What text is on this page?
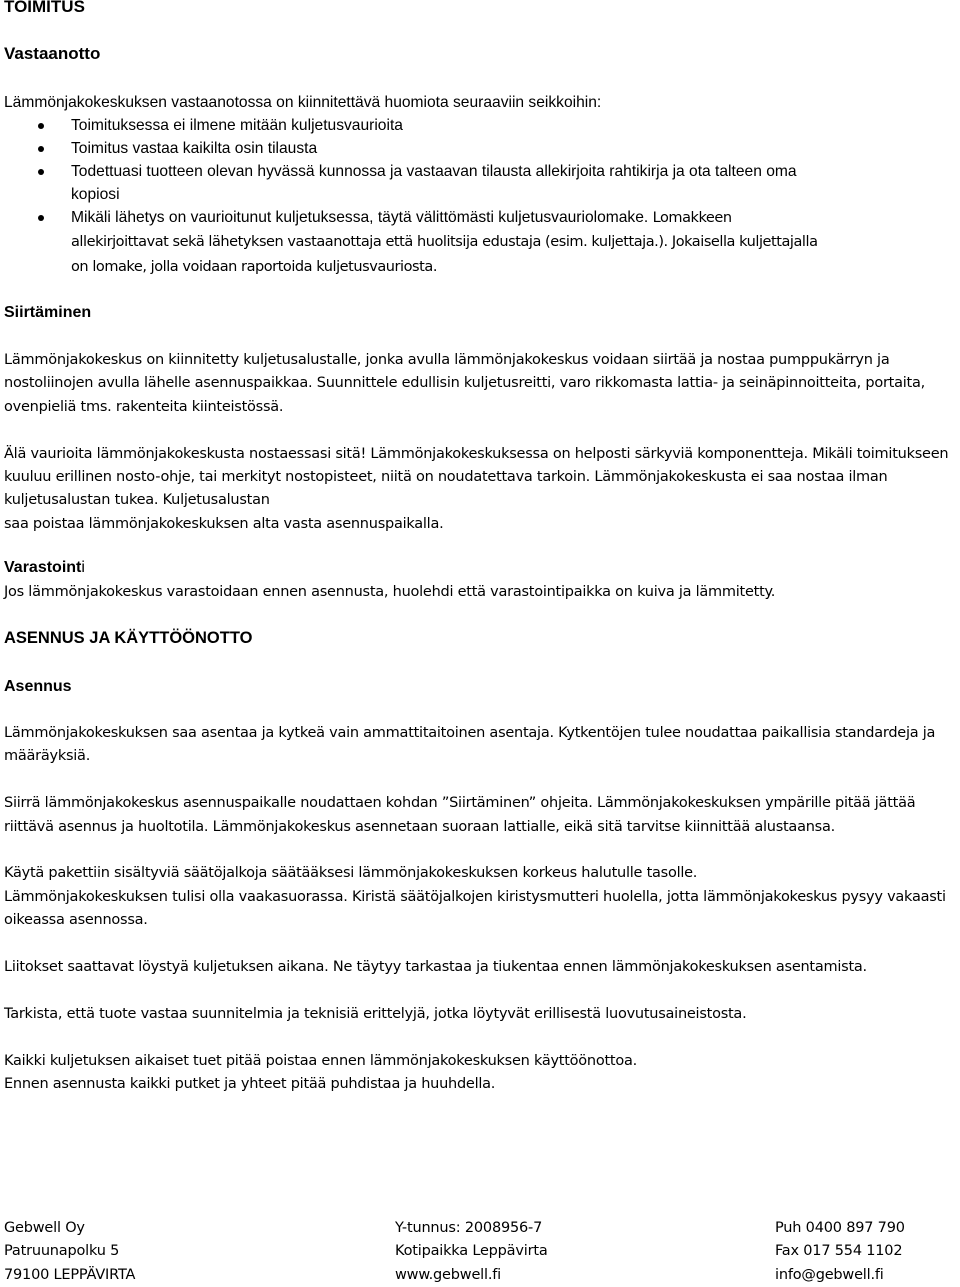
TOIMITUS
Vastaanotto

Lämmönjakokeskuksen vastaanotossa on kiinnitettävä huomiota seuraaviin seikkoihin:

Toimituksessa ei ilmene mitään kuljetusvaurioita
Toimitus vastaa kaikilta osin tilausta
Todettuasi tuotteen olevan hyvässä kunnossa ja vastaavan tilausta allekirjoita rahtikirja ja ota talteen oma kopiosi
Mikäli lähetys on vaurioitunut kuljetuksessa, täytä välittömästi kuljetusvauriolomake. Lomakkeen allekirjoittavat sekä lähetyksen vastaanottaja että huolitsija edustaja (esim. kuljettaja.). Jokaisella kuljettajalla on lomake, jolla voidaan raportoida kuljetusvauriosta.
Siirtäminen

Lämmönjakokeskus on kiinnitetty kuljetusalustalle, jonka avulla lämmönjakokeskus voidaan siirtää ja nostaa pumppukärryn ja nostoliinojen avulla lähelle asennuspaikkaa. Suunnittele edullisin kuljetusreitti, varo rikkomasta lattia- ja seinäpinnoitteita, portaita, ovenpieliä tms. rakenteita kiinteistössä.

Älä vaurioita lämmönjakokeskusta nostaessasi sitä! Lämmönjakokeskuksessa on helposti särkyviä komponentteja. Mikäli toimitukseen kuuluu erillinen nosto-ohje, tai merkityt nostopisteet, niitä on noudatettava tarkoin. Lämmönjakokeskusta ei saa nostaa ilman kuljetusalustan tukea. Kuljetusalustan

saa poistaa lämmönjakokeskuksen alta vasta asennuspaikalla.

Varastointi

Jos lämmönjakokeskus varastoidaan ennen asennusta, huolehdi että varastointipaikka on kuiva ja lämmitetty.

ASENNUS JA KÄYTTÖÖNOTTO
Asennus

Lämmönjakokeskuksen saa asentaa ja kytkeä vain ammattitaitoinen asentaja. Kytkentöjen tulee noudattaa paikallisia standardeja ja määräyksiä.

Siirrä lämmönjakokeskus asennuspaikalle noudattaen kohdan ”Siirtäminen” ohjeita. Lämmönjakokeskuksen ympärille pitää jättää riittävä asennus ja huoltotila. Lämmönjakokeskus asennetaan suoraan lattialle, eikä sitä tarvitse kiinnittää alustaansa.

Käytä pakettiin sisältyviä säätöjalkoja säätääksesi lämmönjakokeskuksen korkeus halutulle tasolle.

Lämmönjakokeskuksen tulisi olla vaakasuorassa. Kiristä säätöjalkojen kiristysmutteri huolella, jotta lämmönjakokeskus pysyy vakaasti oikeassa asennossa.

Liitokset saattavat löystyä kuljetuksen aikana. Ne täytyy tarkastaa ja tiukentaa ennen lämmönjakokeskuksen asentamista.

Tarkista, että tuote vastaa suunnitelmia ja teknisiä erittelyjä, jotka löytyvät erillisestä luovutusaineistosta.

Kaikki kuljetuksen aikaiset tuet pitää poistaa ennen lämmönjakokeskuksen käyttöönottoa.

Ennen asennusta kaikki putket ja yhteet pitää puhdistaa ja huuhdella.

Gebwell Oy
Patruunapolku 5
79100 LEPPÄVIRTA
Y-tunnus: 2008956-7
Kotipaikka Leppävirta
www.gebwell.fi
Puh 0400 897 790
Fax 017 554 1102
info@gebwell.fi
